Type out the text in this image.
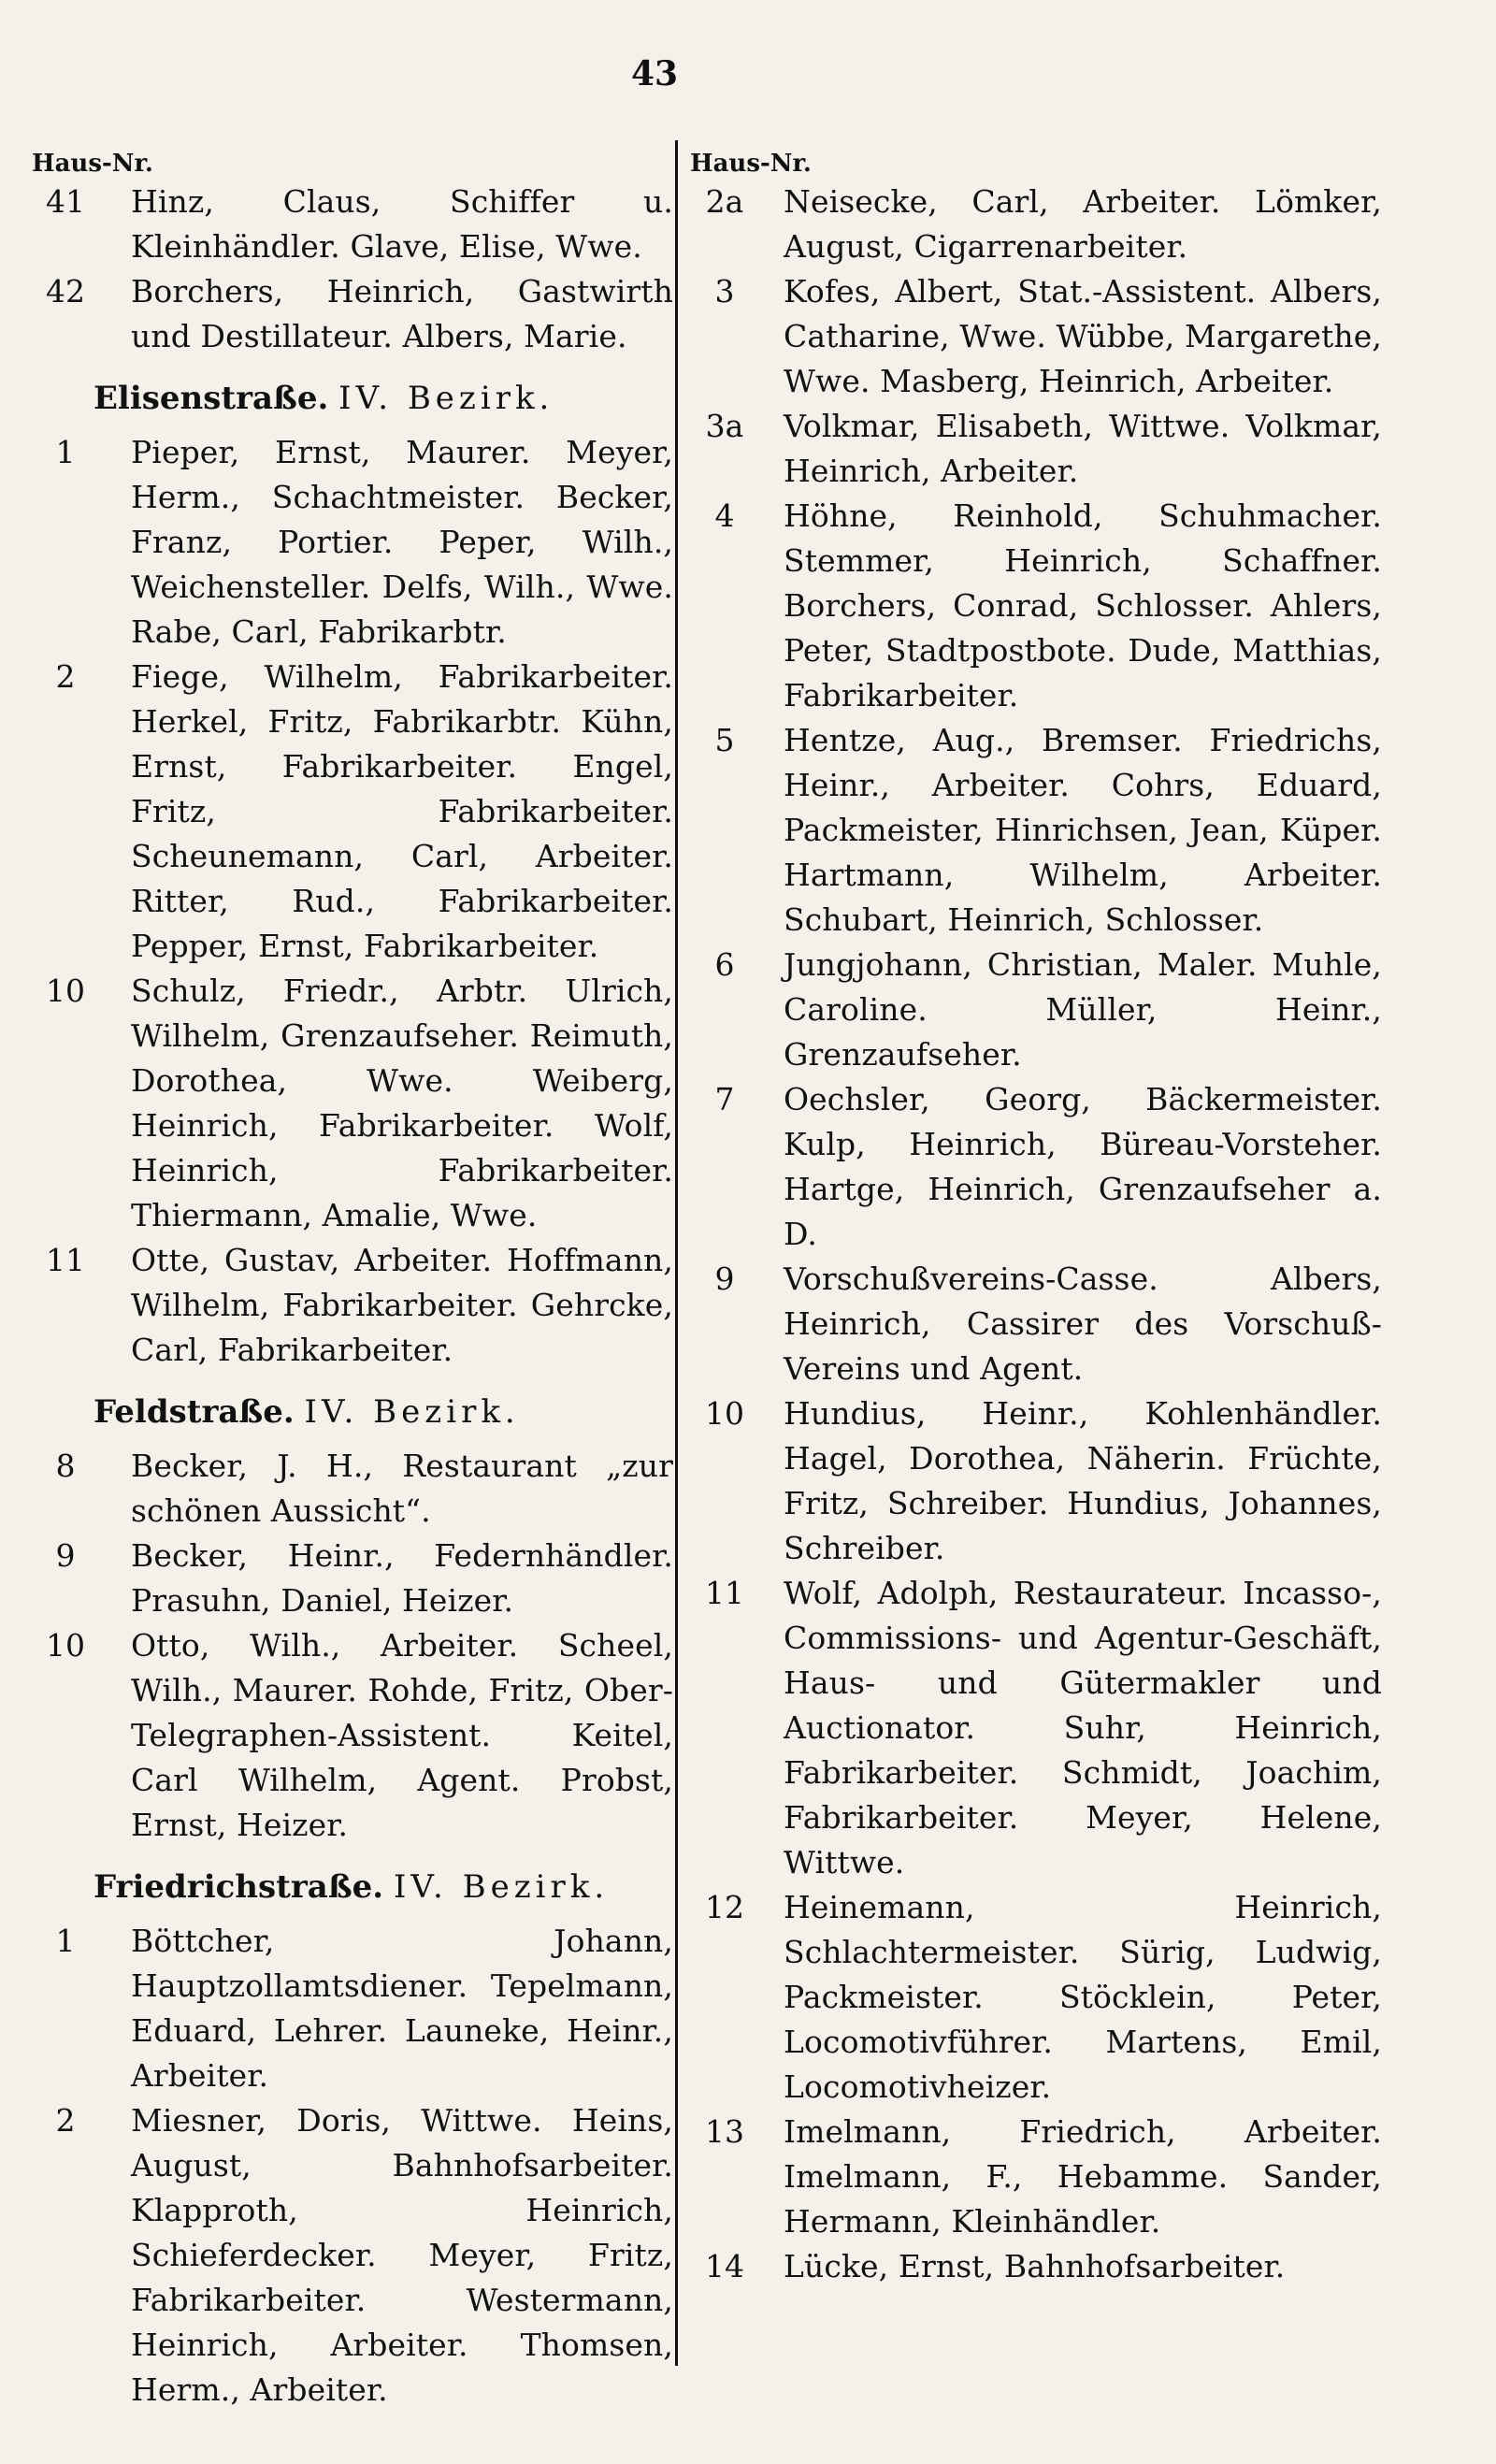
43
Haus-Nr.
41	Hinz, Claus, Schiffer u. Kleinhändler. Glave, Elise, Wwe.
42	Borchers, Heinrich, Gastwirth und Destillateur. Albers, Marie.
Elisenstraße. IV. Bezirk.
1	Pieper, Ernst, Maurer. Meyer, Herm., Schachtmeister. Becker, Franz, Portier. Peper, Wilh., Weichensteller. Delfs, Wilh., Wwe. Rabe, Carl, Fabrikarbtr.
2	Fiege, Wilhelm, Fabrikarbeiter. Herkel, Fritz, Fabrikarbtr. Kühn, Ernst, Fabrikarbeiter. Engel, Fritz, Fabrikarbeiter. Scheunemann, Carl, Arbeiter. Ritter, Rud., Fabrikarbeiter. Pepper, Ernst, Fabrikarbeiter.
10	Schulz, Friedr., Arbtr. Ulrich, Wilhelm, Grenzaufseher. Reimuth, Dorothea, Wwe. Weiberg, Heinrich, Fabrikarbeiter. Wolf, Heinrich, Fabrikarbeiter. Thiermann, Amalie, Wwe.
11	Otte, Gustav, Arbeiter. Hoffmann, Wilhelm, Fabrikarbeiter. Gehrcke, Carl, Fabrikarbeiter.
Feldstraße. IV. Bezirk.
8	Becker, J. H., Restaurant „zur schönen Aussicht“.
9	Becker, Heinr., Federnhändler. Prasuhn, Daniel, Heizer.
10	Otto, Wilh., Arbeiter. Scheel, Wilh., Maurer. Rohde, Fritz, Ober-Telegraphen-Assistent. Keitel, Carl Wilhelm, Agent. Probst, Ernst, Heizer.
Friedrichstraße. IV. Bezirk.
1	Böttcher, Johann, Hauptzollamtsdiener. Tepelmann, Eduard, Lehrer. Launeke, Heinr., Arbeiter.
2	Miesner, Doris, Wittwe. Heins, August, Bahnhofsarbeiter. Klapproth, Heinrich, Schieferdecker. Meyer, Fritz, Fabrikarbeiter. Westermann, Heinrich, Arbeiter. Thomsen, Herm., Arbeiter.
Haus-Nr.
2a	Neisecke, Carl, Arbeiter. Lömker, August, Cigarrenarbeiter.
3	Kofes, Albert, Stat.-Assistent. Albers, Catharine, Wwe. Wübbe, Margarethe, Wwe. Masberg, Heinrich, Arbeiter.
3a	Volkmar, Elisabeth, Wittwe. Volkmar, Heinrich, Arbeiter.
4	Höhne, Reinhold, Schuhmacher. Stemmer, Heinrich, Schaffner. Borchers, Conrad, Schlosser. Ahlers, Peter, Stadtpostbote. Dude, Matthias, Fabrikarbeiter.
5	Hentze, Aug., Bremser. Friedrichs, Heinr., Arbeiter. Cohrs, Eduard, Packmeister, Hinrichsen, Jean, Küper. Hartmann, Wilhelm, Arbeiter. Schubart, Heinrich, Schlosser.
6	Jungjohann, Christian, Maler. Muhle, Caroline. Müller, Heinr., Grenzaufseher.
7	Oechsler, Georg, Bäckermeister. Kulp, Heinrich, Büreau-Vorsteher. Hartge, Heinrich, Grenzaufseher a. D.
9	Vorschußvereins-Casse. Albers, Heinrich, Cassirer des Vorschuß-Vereins und Agent.
10	Hundius, Heinr., Kohlenhändler. Hagel, Dorothea, Näherin. Früchte, Fritz, Schreiber. Hundius, Johannes, Schreiber.
11	Wolf, Adolph, Restaurateur. Incasso-, Commissions- und Agentur-Geschäft, Haus- und Gütermakler und Auctionator. Suhr, Heinrich, Fabrikarbeiter. Schmidt, Joachim, Fabrikarbeiter. Meyer, Helene, Wittwe.
12	Heinemann, Heinrich, Schlachtermeister. Sürig, Ludwig, Packmeister. Stöcklein, Peter, Locomotivführer. Martens, Emil, Locomotivheizer.
13	Imelmann, Friedrich, Arbeiter. Imelmann, F., Hebamme. Sander, Hermann, Kleinhändler.
14	Lücke, Ernst, Bahnhofsarbeiter.
